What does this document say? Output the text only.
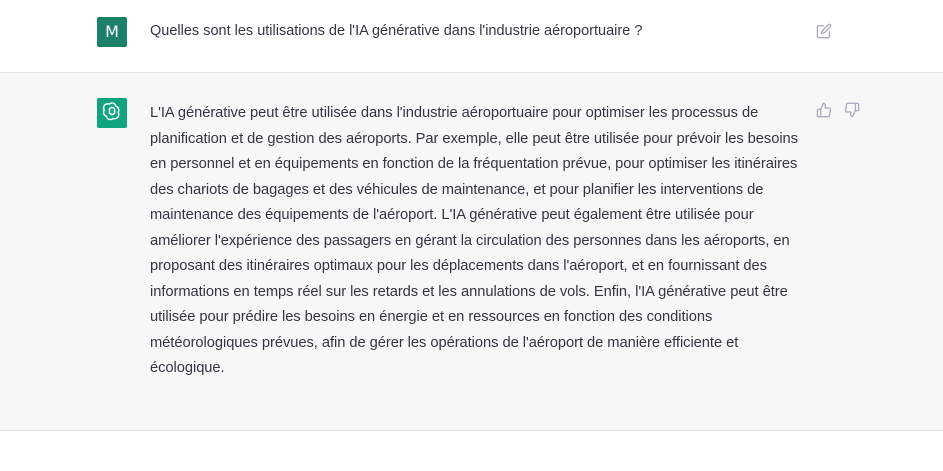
M	Quelles sont les utilisations de l'IA générative dans l'industrie aéroportuaire ?
L'IA générative peut être utilisée dans l'industrie aéroportuaire pour optimiser les processus de planification et de gestion des aéroports. Par exemple, elle peut être utilisée pour prévoir les besoins en personnel et en équipements en fonction de la fréquentation prévue, pour optimiser les itinéraires des chariots de bagages et des véhicules de maintenance, et pour planifier les interventions de maintenance des équipements de l'aéroport. L'IA générative peut également être utilisée pour améliorer l'expérience des passagers en gérant la circulation des personnes dans les aéroports, en proposant des itinéraires optimaux pour les déplacements dans l'aéroport, et en fournissant des informations en temps réel sur les retards et les annulations de vols. Enfin, l'IA générative peut être utilisée pour prédire les besoins en énergie et en ressources en fonction des conditions météorologiques prévues, afin de gérer les opérations de l'aéroport de manière efficiente et écologique.
